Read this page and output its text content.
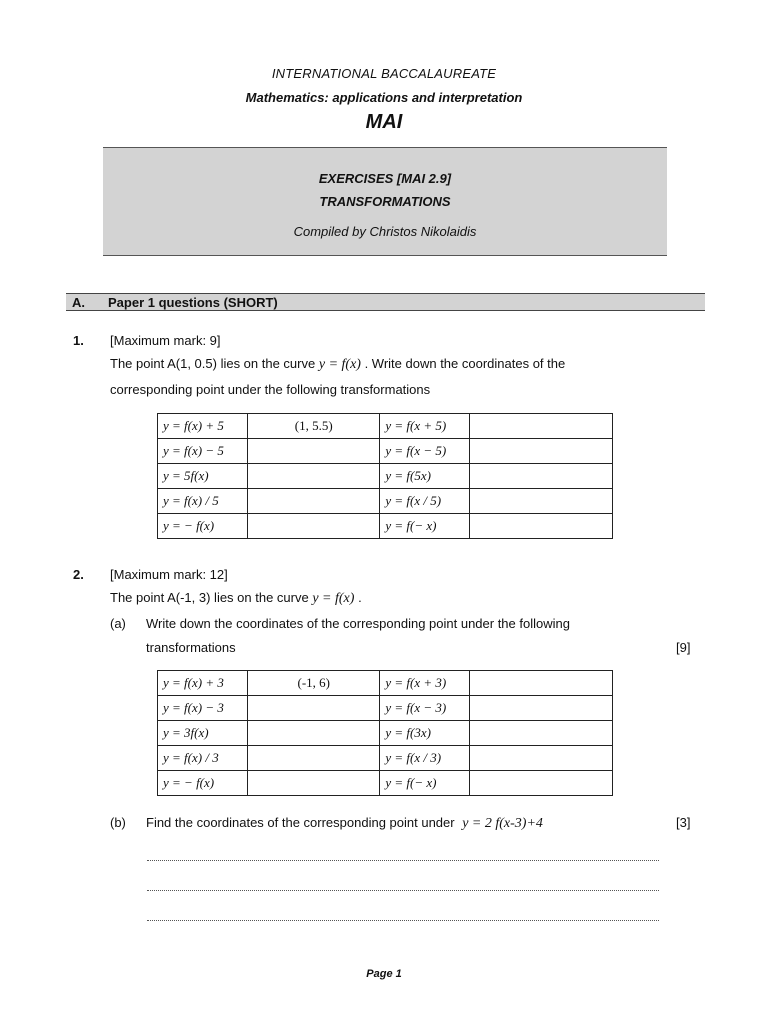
INTERNATIONAL BACCALAUREATE
Mathematics: applications and interpretation
MAI
EXERCISES [MAI 2.9]
TRANSFORMATIONS
Compiled by Christos Nikolaidis
A. Paper 1 questions (SHORT)
1. [Maximum mark: 9]
The point A(1, 0.5) lies on the curve y = f(x) . Write down the coordinates of the
corresponding point under the following transformations
y = f(x) + 5	(1, 5.5)	y = f(x + 5)	
y = f(x) − 5		y = f(x − 5)	
y = 5f(x)		y = f(5x)	
y = f(x) / 5		y = f(x / 5)	
y = − f(x)		y = f(− x)	
2. [Maximum mark: 12]
The point A(-1, 3) lies on the curve y = f(x) .
(a) Write down the coordinates of the corresponding point under the following
transformations	[9]
y = f(x) + 3	(-1, 6)	y = f(x + 3)	
y = f(x) − 3		y = f(x − 3)	
y = 3f(x)		y = f(3x)	
y = f(x) / 3		y = f(x / 3)	
y = − f(x)		y = f(− x)	
(b) Find the coordinates of the corresponding point under y = 2 f(x-3)+4	[3]
Page 1
